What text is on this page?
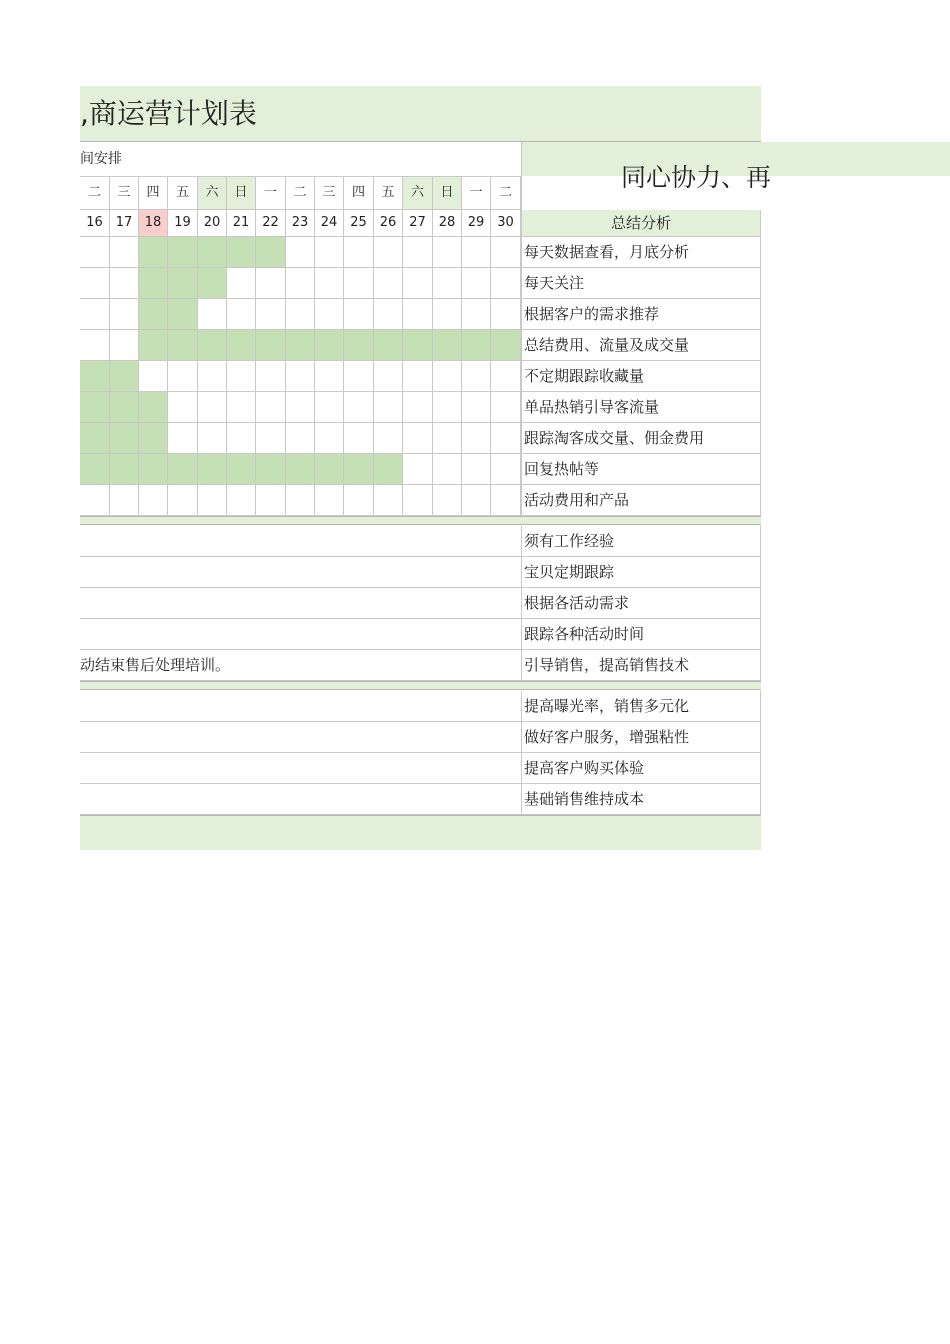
,商运营计划表
同心协力、再
间安排
二	三	四	五	六	日	一	二	三	四	五	六	日	一	二
16 17 18 19 20 21 22 23 24 25 26 27 28 29 30	总结分析
每天数据查看，月底分析
每天关注
根据客户的需求推荐
总结费用、流量及成交量
不定期跟踪收藏量
单品热销引导客流量
跟踪淘客成交量、佣金费用
回复热帖等
活动费用和产品
须有工作经验
宝贝定期跟踪
根据各活动需求
跟踪各种活动时间
动结束售后处理培训。	引导销售，提高销售技术
提高曝光率，销售多元化
做好客户服务，增强粘性
提高客户购买体验
基础销售维持成本
